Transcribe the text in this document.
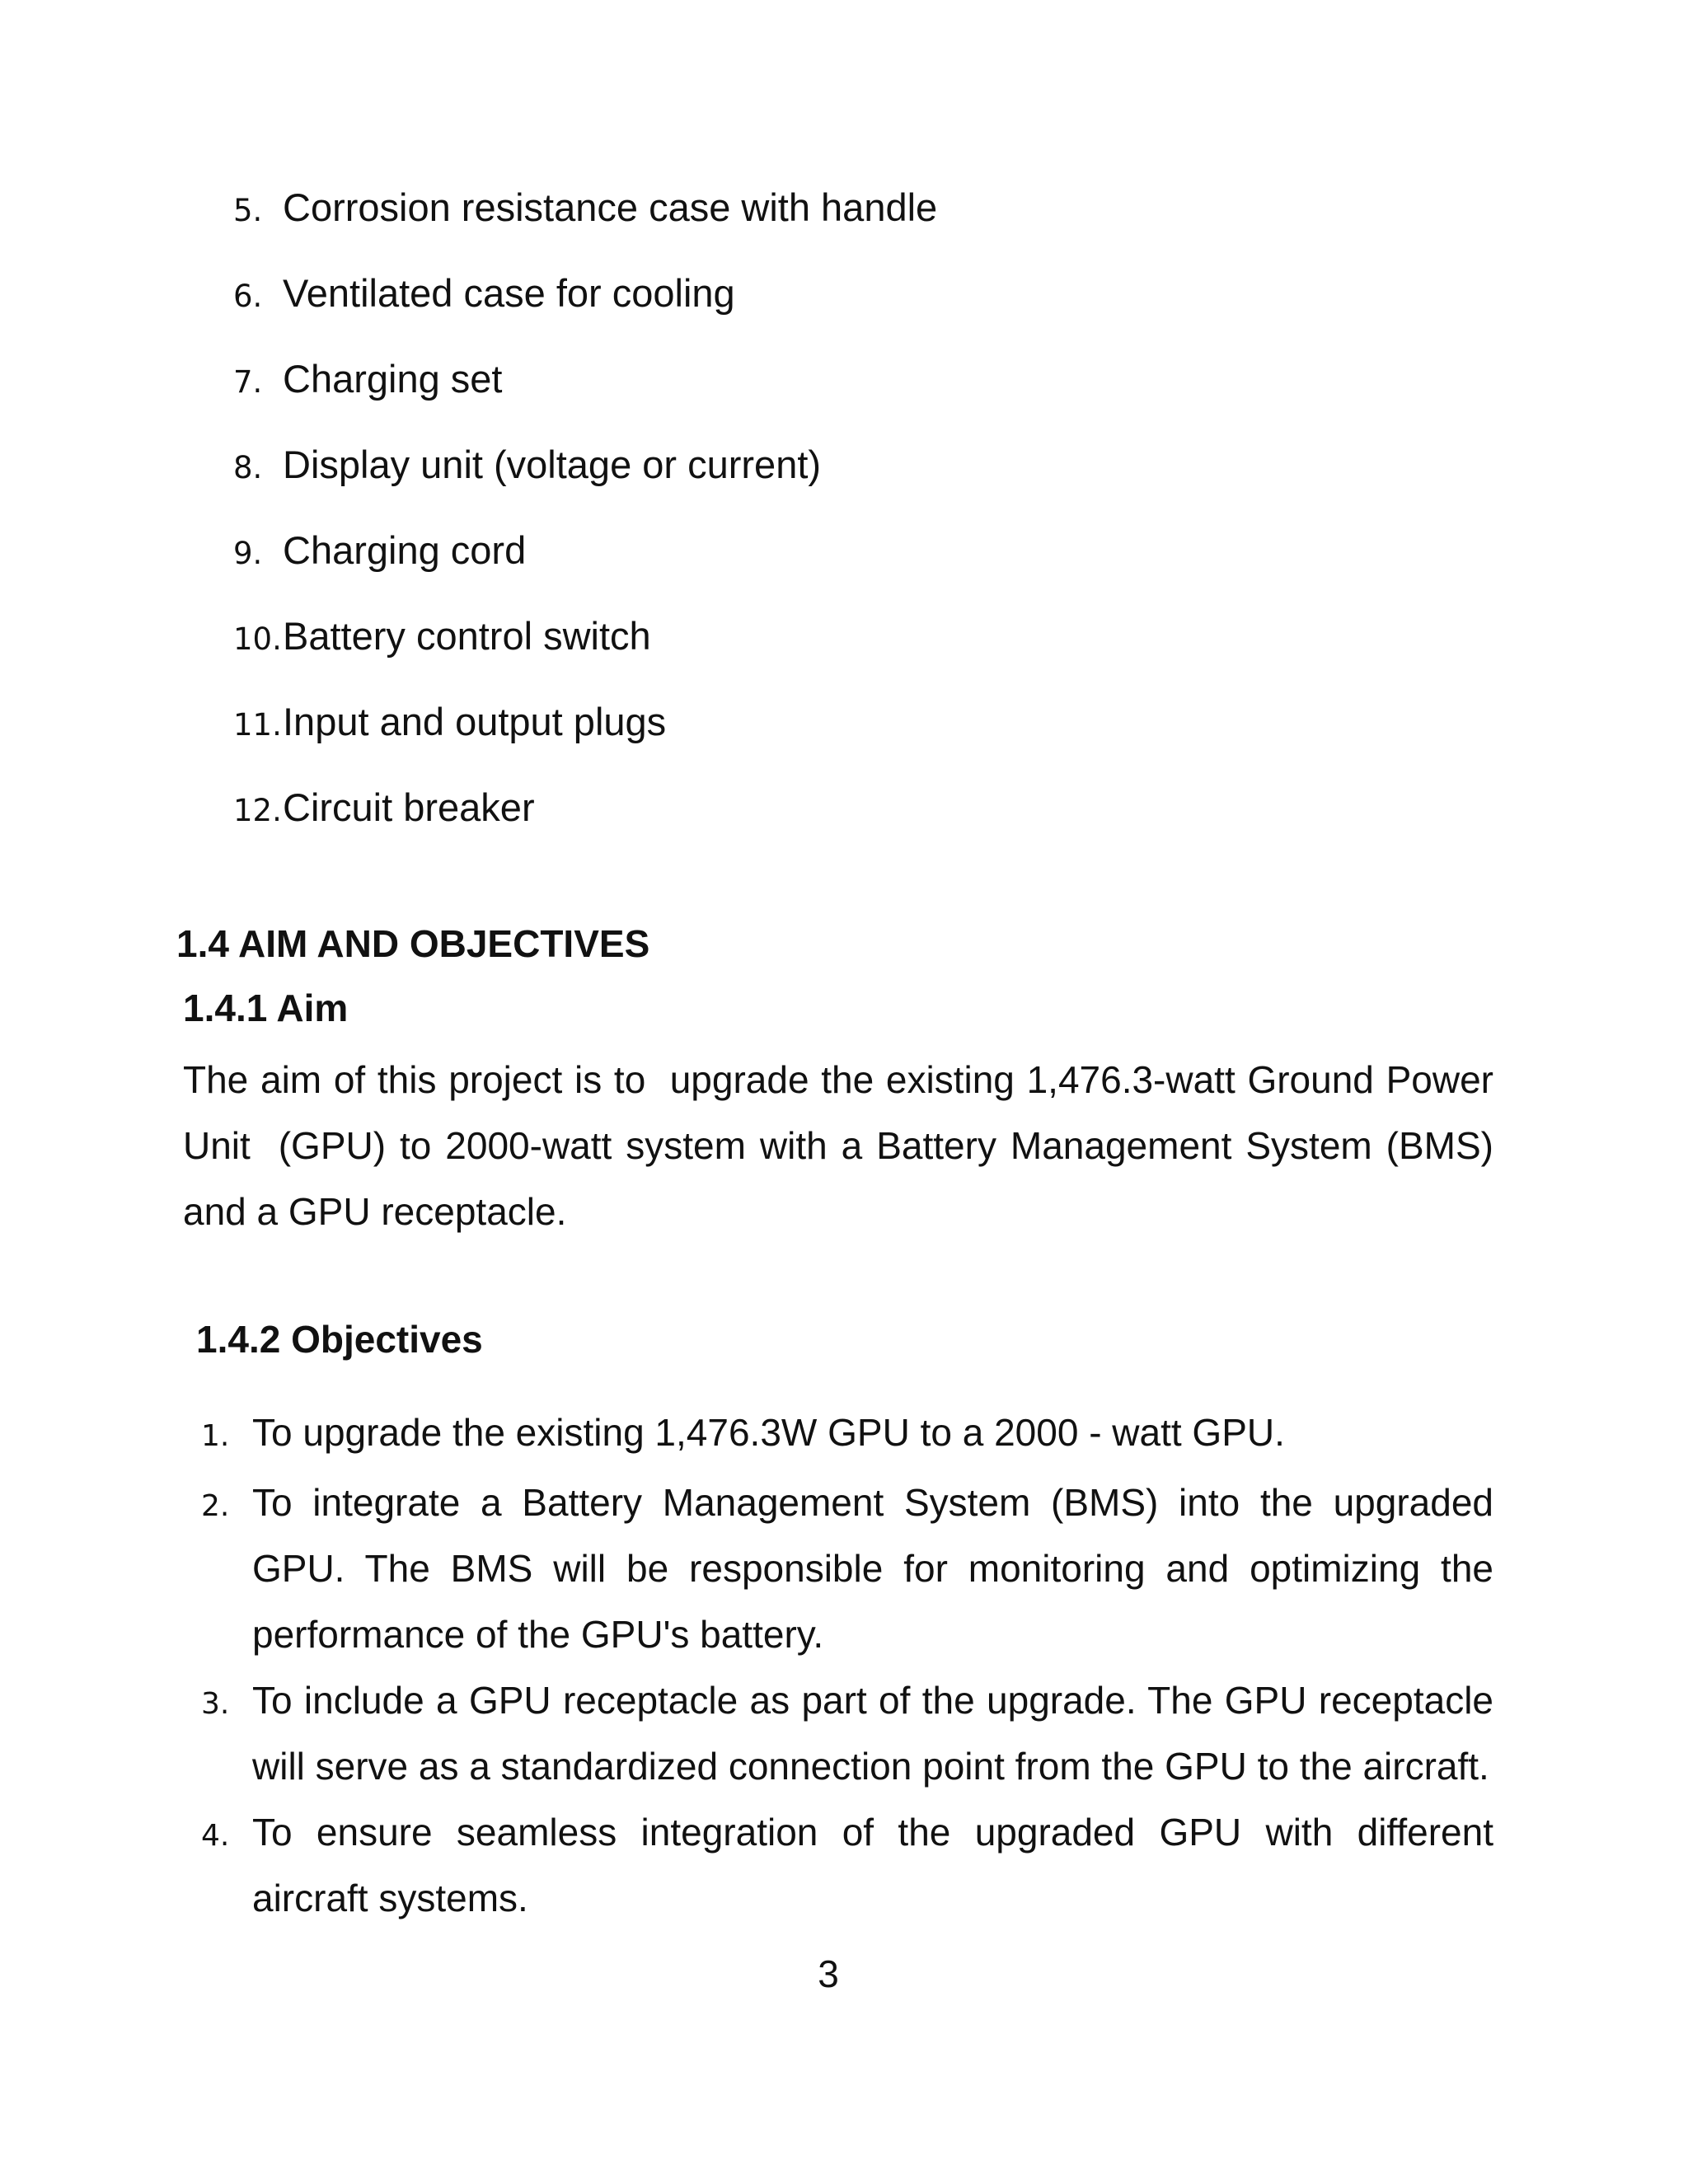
5. Corrosion resistance case with handle
6. Ventilated case for cooling
7. Charging set
8. Display unit (voltage or current)
9. Charging cord
10. Battery control switch
11. Input and output plugs
12. Circuit breaker
1.4 AIM AND OBJECTIVES
1.4.1 Aim

The aim of this project is to  upgrade the existing 1,476.3-watt Ground Power Unit  (GPU) to 2000-watt system with a Battery Management System (BMS) and a GPU receptacle.

1.4.2 Objectives
1. To upgrade the existing 1,476.3W GPU to a 2000 - watt GPU.
2. To integrate a Battery Management System (BMS) into the upgraded GPU. The BMS will be responsible for monitoring and optimizing the performance of the GPU's battery.
3. To include a GPU receptacle as part of the upgrade. The GPU receptacle will serve as a standardized connection point from the GPU to the aircraft.
4. To ensure seamless integration of the upgraded GPU with different aircraft systems.

3
